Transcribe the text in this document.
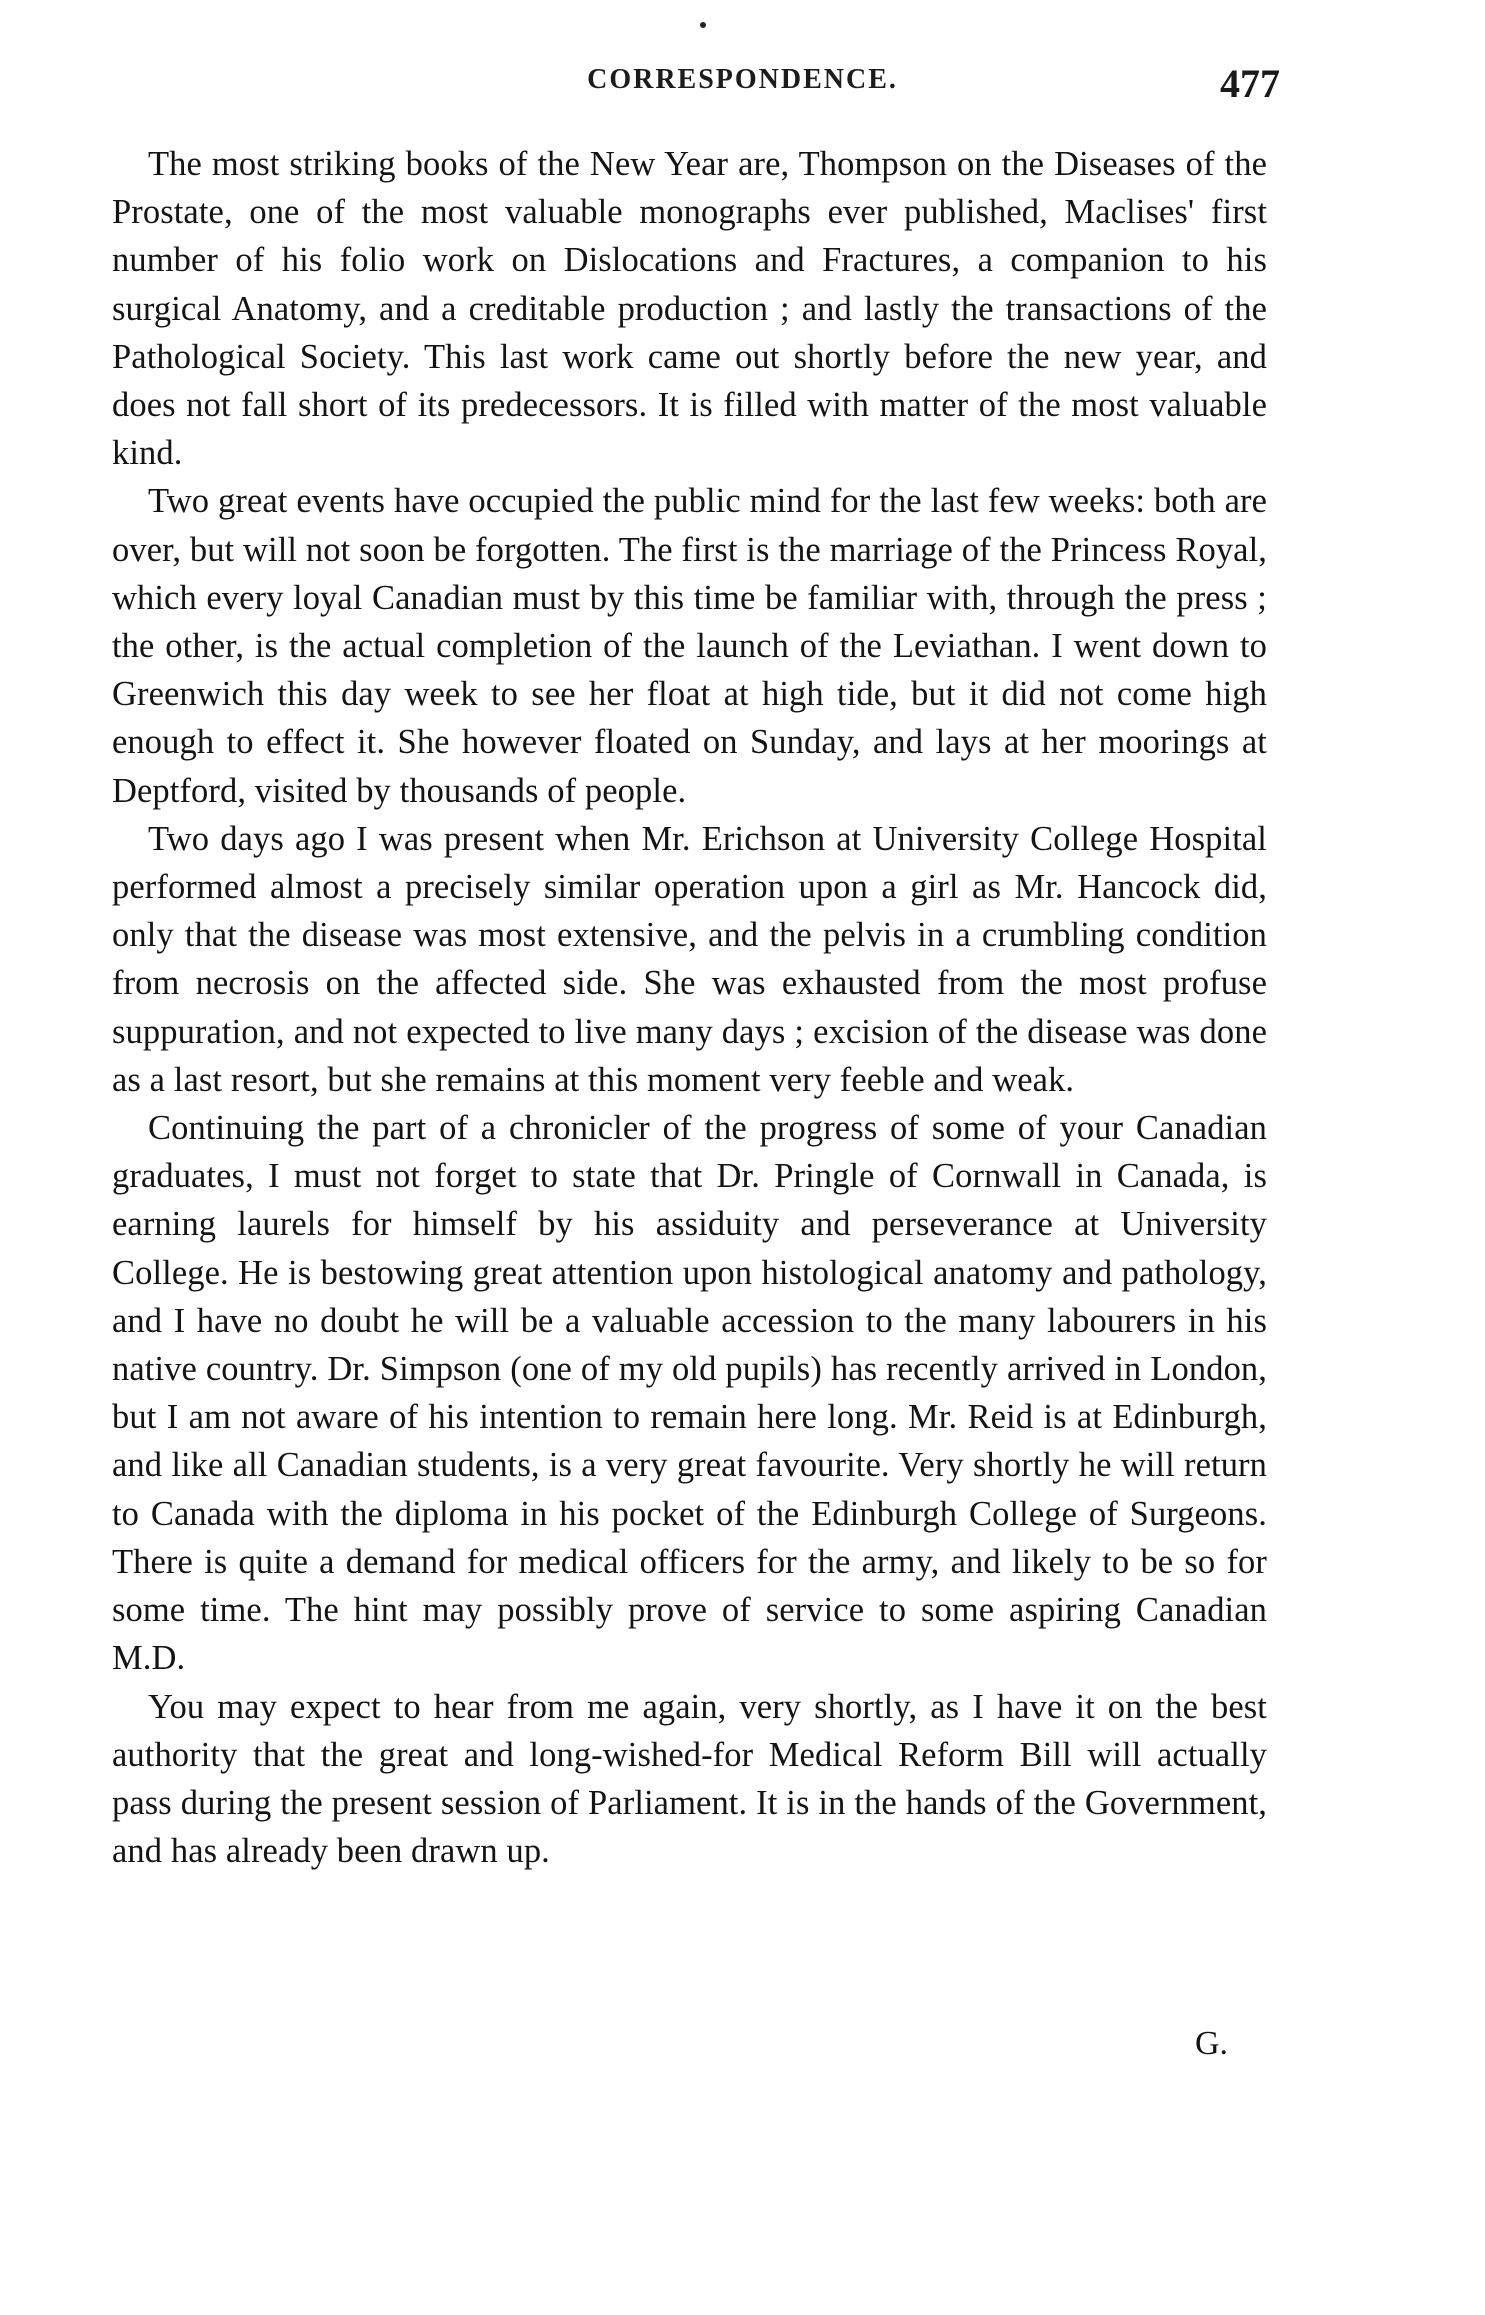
CORRESPONDENCE.	477

The most striking books of the New Year are, Thompson on the Diseases of the Prostate, one of the most valuable monographs ever published, Maclises' first number of his folio work on Dislocations and Fractures, a companion to his surgical Anatomy, and a creditable production ; and lastly the transactions of the Pathological Society. This last work came out shortly before the new year, and does not fall short of its predecessors. It is filled with matter of the most valuable kind.

Two great events have occupied the public mind for the last few weeks: both are over, but will not soon be forgotten. The first is the marriage of the Princess Royal, which every loyal Canadian must by this time be familiar with, through the press ; the other, is the actual completion of the launch of the Leviathan. I went down to Greenwich this day week to see her float at high tide, but it did not come high enough to effect it. She however floated on Sunday, and lays at her moorings at Deptford, visited by thousands of people.

Two days ago I was present when Mr. Erichson at University College Hospital performed almost a precisely similar operation upon a girl as Mr. Hancock did, only that the disease was most extensive, and the pelvis in a crumbling condition from necrosis on the affected side. She was exhausted from the most profuse suppuration, and not expected to live many days ; excision of the disease was done as a last resort, but she remains at this moment very feeble and weak.

Continuing the part of a chronicler of the progress of some of your Canadian graduates, I must not forget to state that Dr. Pringle of Cornwall in Canada, is earning laurels for himself by his assiduity and perseverance at University College. He is bestowing great attention upon histological anatomy and pathology, and I have no doubt he will be a valuable accession to the many labourers in his native country. Dr. Simpson (one of my old pupils) has recently arrived in London, but I am not aware of his intention to remain here long. Mr. Reid is at Edinburgh, and like all Canadian students, is a very great favourite. Very shortly he will return to Canada with the diploma in his pocket of the Edinburgh College of Surgeons. There is quite a demand for medical officers for the army, and likely to be so for some time. The hint may possibly prove of service to some aspiring Canadian M.D.

You may expect to hear from me again, very shortly, as I have it on the best authority that the great and long-wished-for Medical Reform Bill will actually pass during the present session of Parliament. It is in the hands of the Government, and has already been drawn up.

G.
